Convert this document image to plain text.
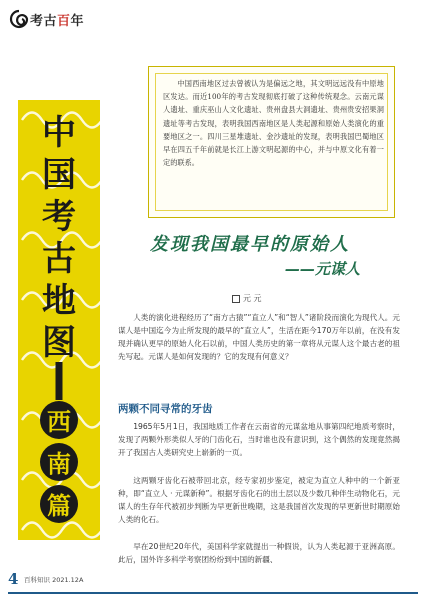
考古百年
中国西南地区过去曾被认为是偏远之地，其文明远远没有中原地区发达。而近100年的考古发现彻底打破了这种传统观念。云南元谋人遗址、重庆巫山人文化遗址、贵州盘县大洞遗址、贵州贵安招果洞遗址等考古发现，表明我国西南地区是人类起源和原始人类演化的重要地区之一。四川三星堆遗址、金沙遗址的发现，表明我国巴蜀地区早在四五千年前就是长江上游文明起源的中心，并与中原文化有着一定的联系。
中
国
考
古
地
图
西
南
篇
发现我国最早的原始人
——元谋人
元 元
人类的演化进程经历了“南方古猿”“直立人”和“智人”诸阶段而演化为现代人。元谋人是中国迄今为止所发现的最早的“直立人”，生活在距今170万年以前，在没有发现并确认更早的原始人化石以前，中国人类历史的第一章将从元谋人这个最古老的祖先写起。元谋人是如何发现的？它的发现有何意义？
两颗不同寻常的牙齿
1965年5月1日，我国地质工作者在云南省的元谋盆地从事第四纪地质考察时，发现了两颗外形类似人牙的门齿化石，当时谁也没有意识到，这个偶然的发现竟然揭开了我国古人类研究史上崭新的一页。
这两颗牙齿化石被带回北京，经专家初步鉴定，被定为直立人种中的一个新亚种，即“直立人 · 元谋新种”。根据牙齿化石的出土层以及少数几种伴生动物化石，元谋人的生存年代被初步判断为早更新世晚期，这是我国首次发现的早更新世时期原始人类的化石。
早在20世纪20年代，美国科学家就提出一种假说，认为人类起源于亚洲高原。此后，国外许多科学考察团纷纷到中国的新疆、
4 百科知识 2021.12A
